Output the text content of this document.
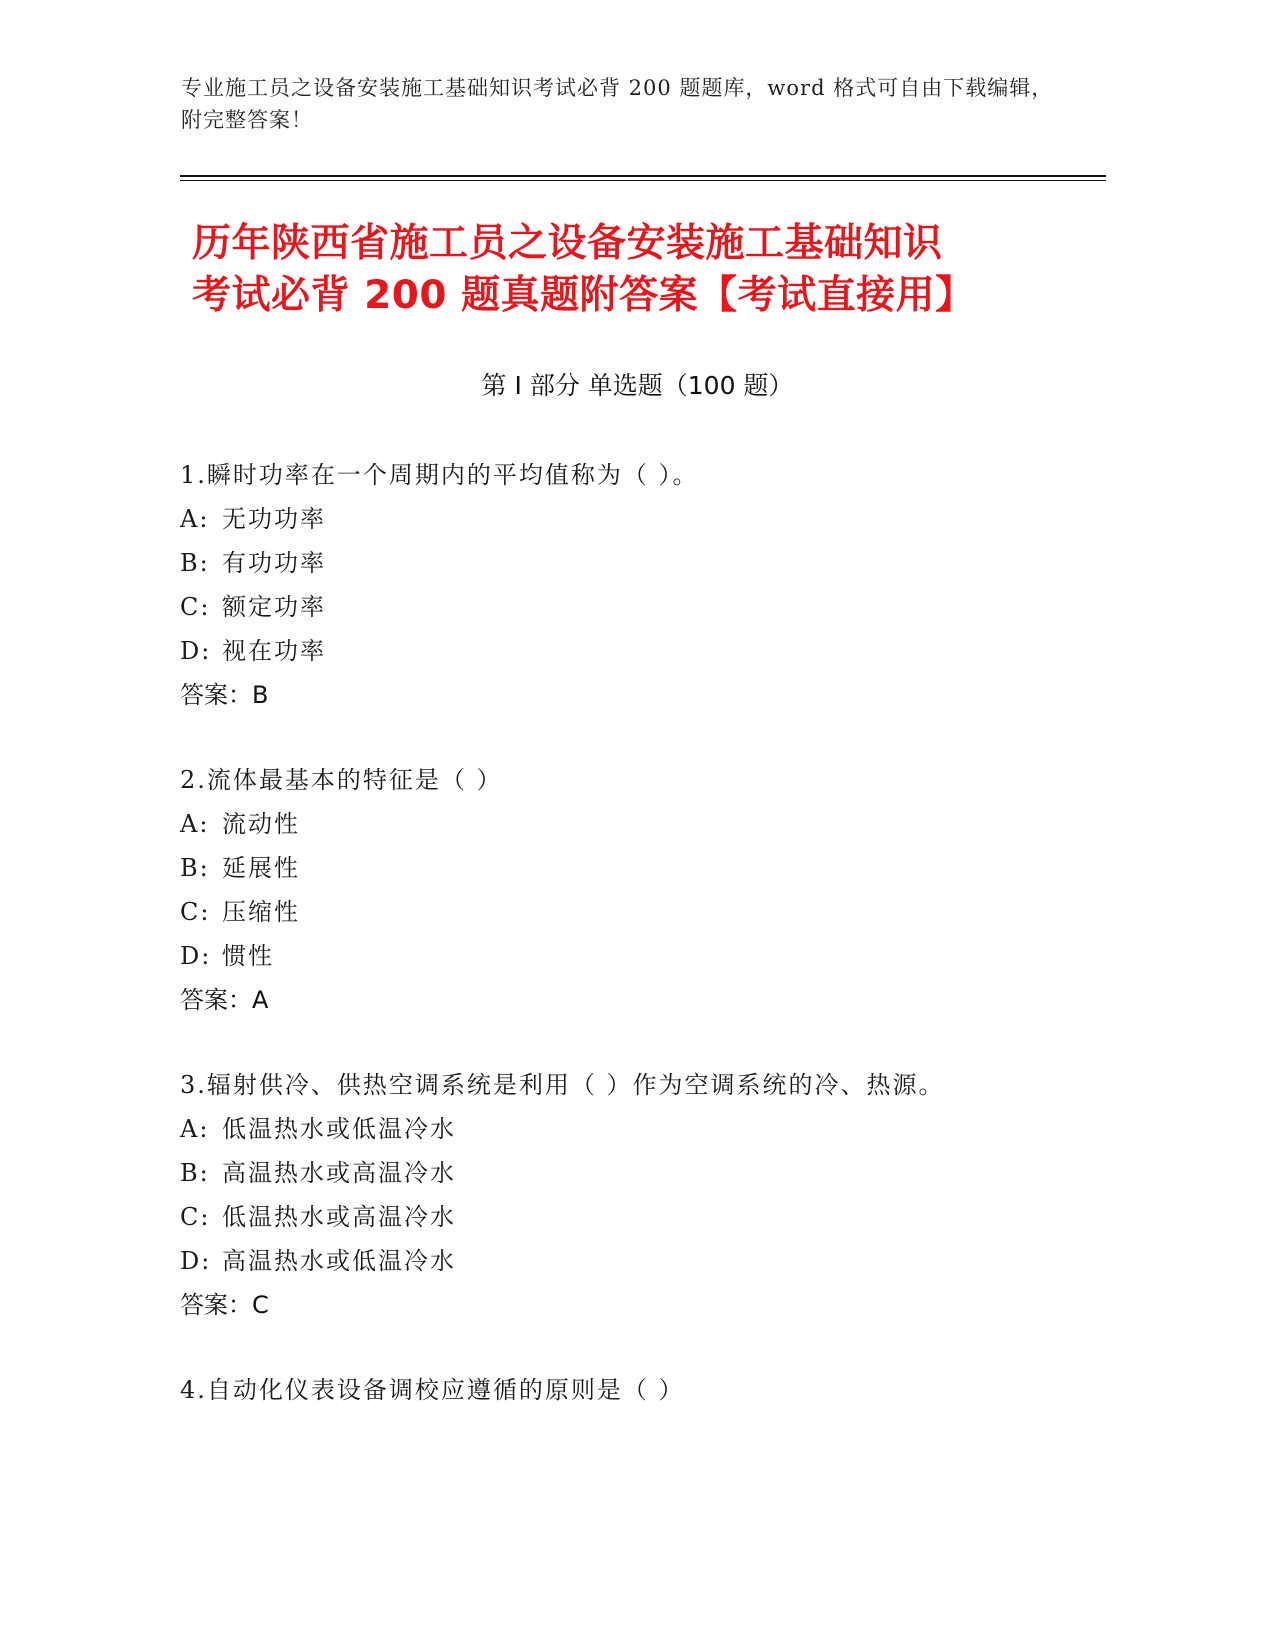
专业施工员之设备安装施工基础知识考试必背 200 题题库，word 格式可自由下载编辑，附完整答案！
历年陕西省施工员之设备安装施工基础知识
考试必背 200 题真题附答案【考试直接用】
第 I 部分 单选题（100 题）
1.瞬时功率在一个周期内的平均值称为（ ）。
A: 无功功率
B: 有功功率
C: 额定功率
D: 视在功率
答案：B
2.流体最基本的特征是（ ）
A: 流动性
B: 延展性
C: 压缩性
D: 惯性
答案：A
3.辐射供冷、供热空调系统是利用（ ）作为空调系统的冷、热源。
A: 低温热水或低温冷水
B: 高温热水或高温冷水
C: 低温热水或高温冷水
D: 高温热水或低温冷水
答案：C
4.自动化仪表设备调校应遵循的原则是（ ）
